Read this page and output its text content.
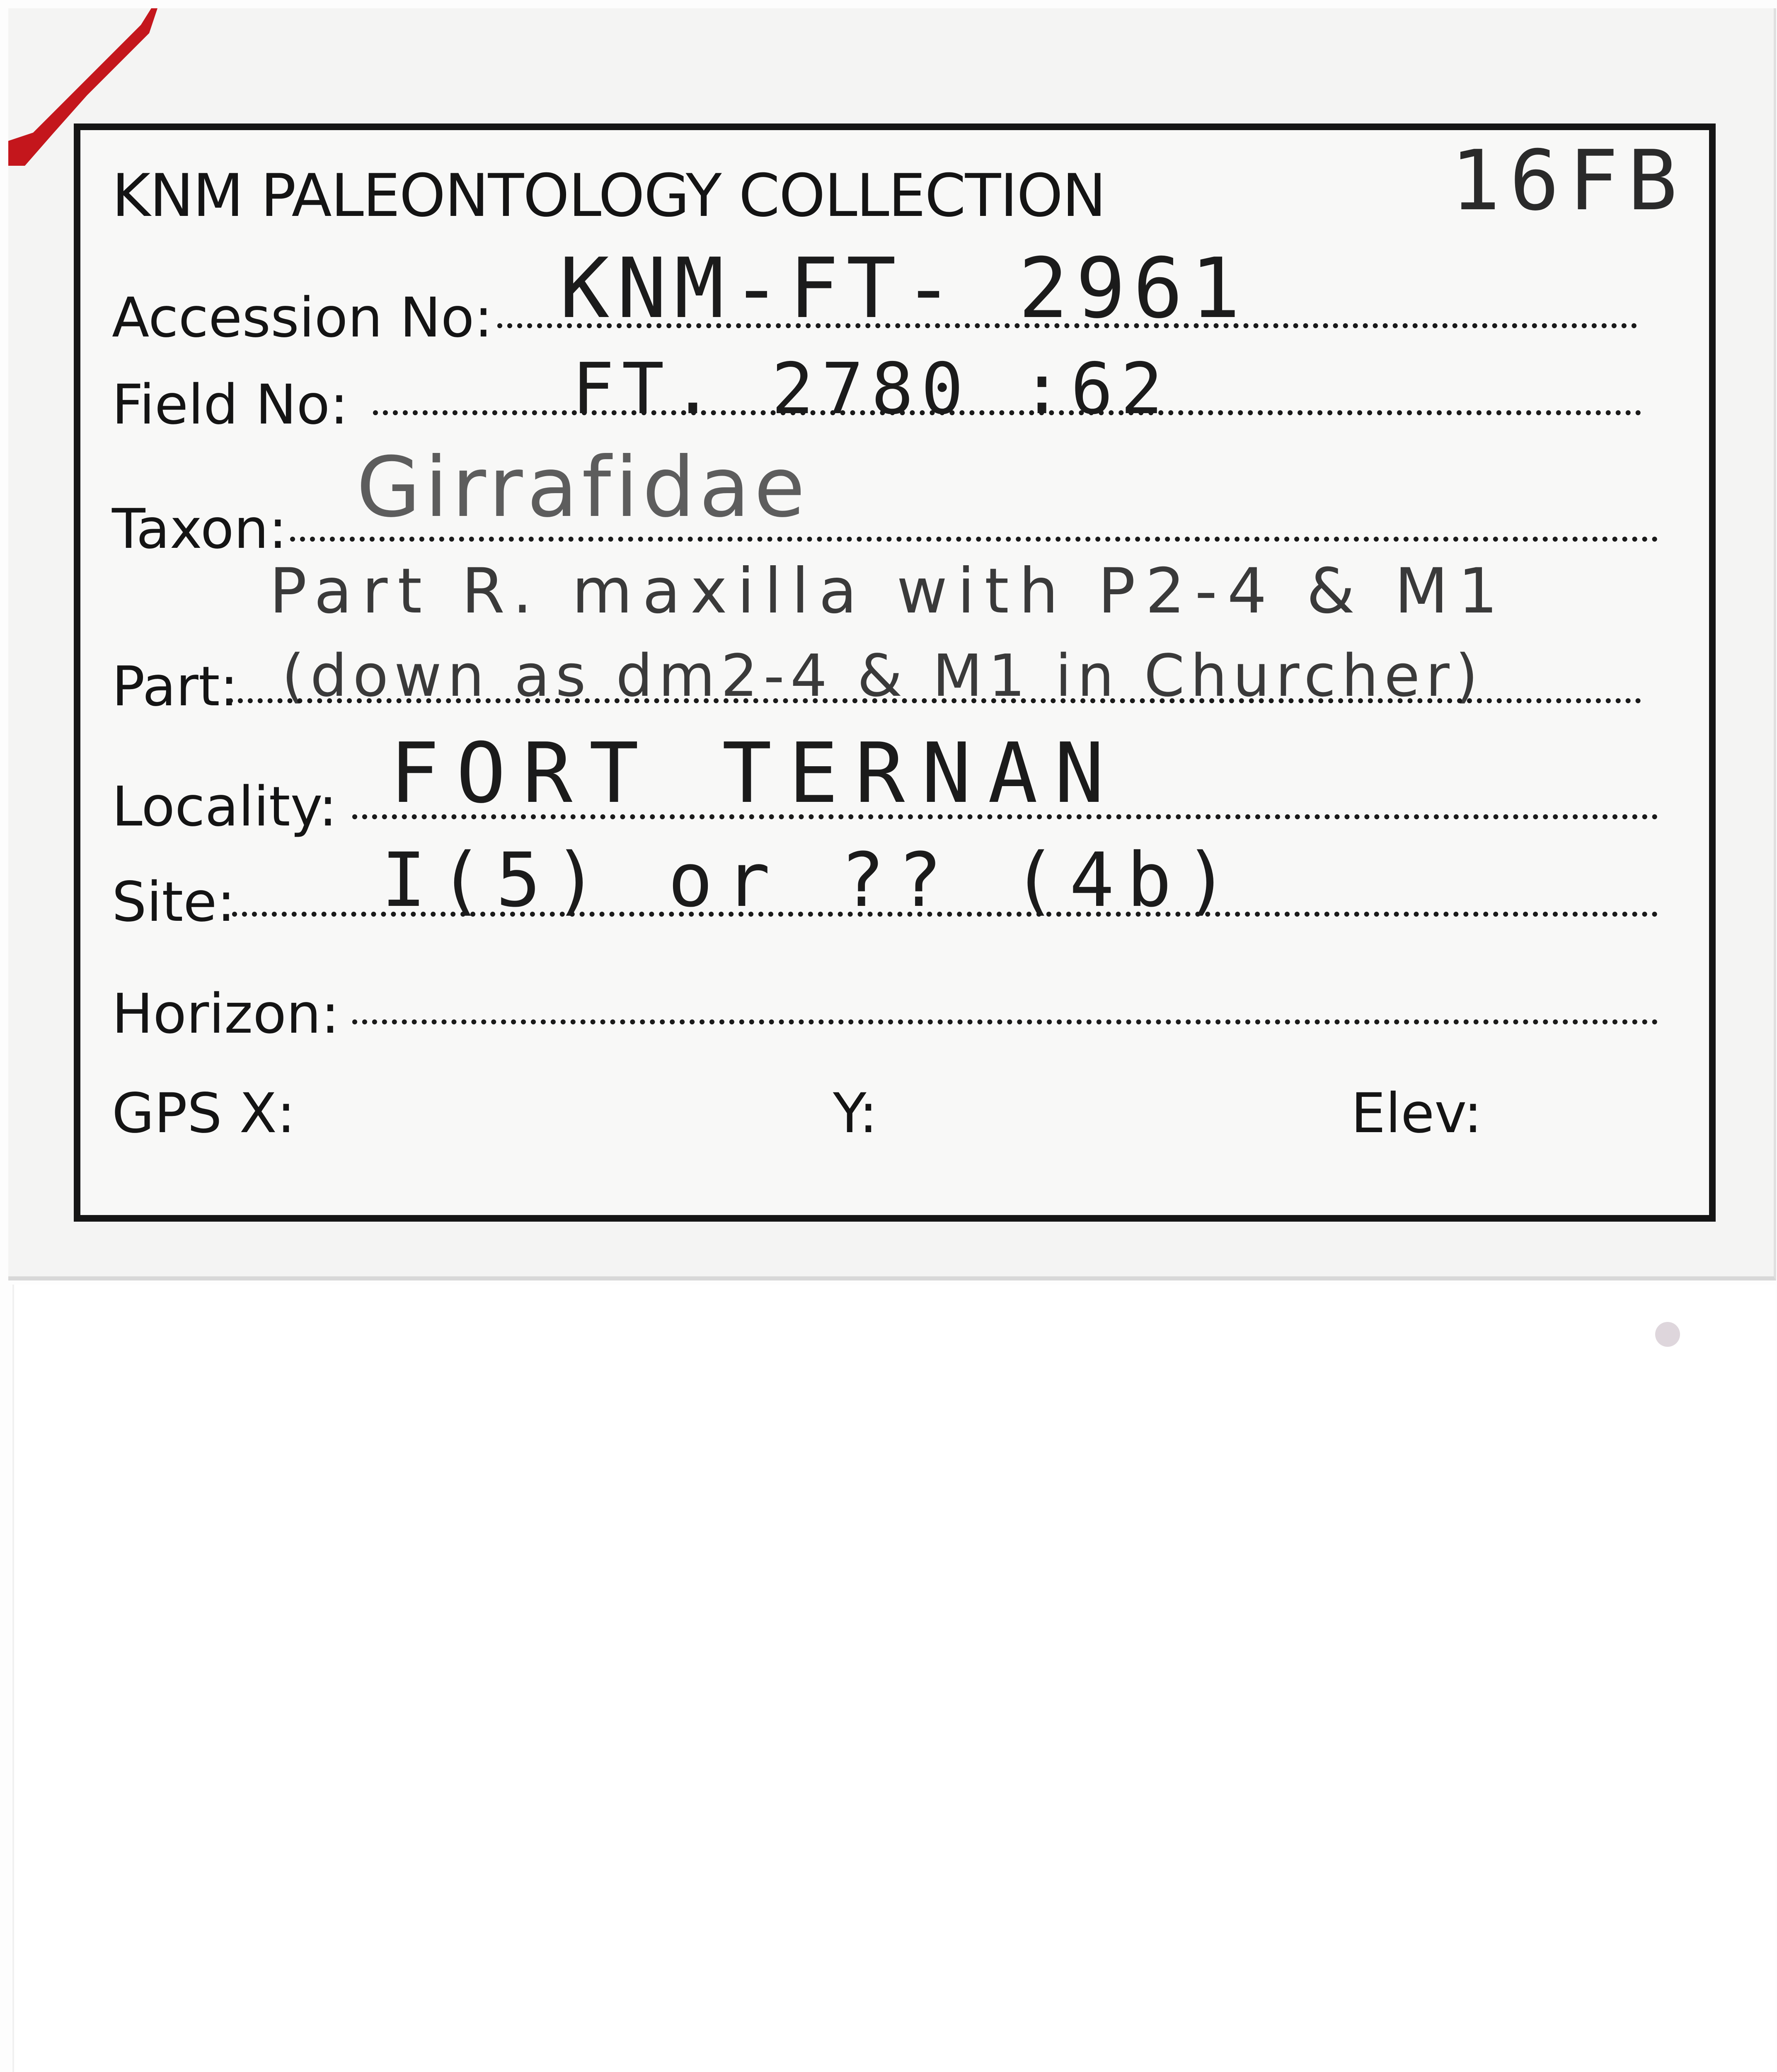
KNM PALEONTOLOGY COLLECTION	16FB
Accession No: KNM-FT- 2961
Field No:	FT. 2780 :62
Taxon: Girrafidae
Part R. maxilla with P2-4 & M1
Part: (down as dm2-4 & M1 in Churcher)
Locality: FORT TERNAN
Site: I(5) or ?? (4b)
Horizon:
GPS X:	Y:	Elev:
